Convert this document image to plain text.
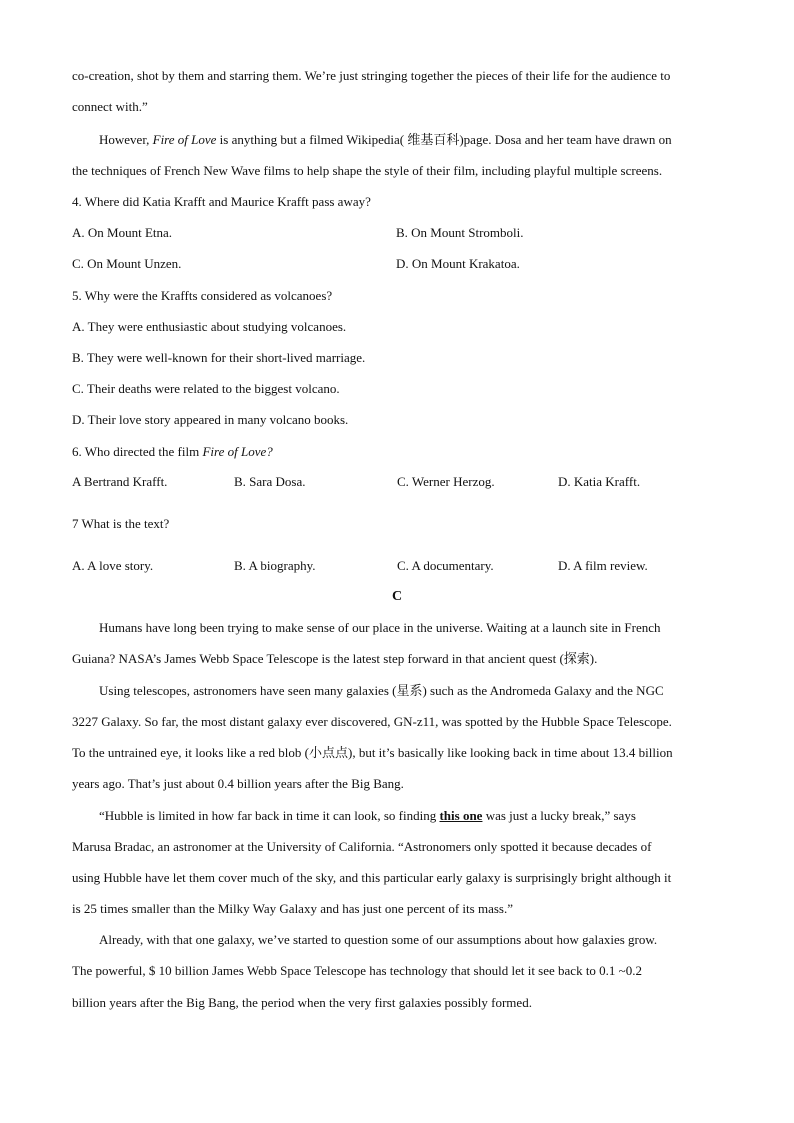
co-creation, shot by them and starring them. We’re just stringing together the pieces of their life for the audience to
connect with.”
However, Fire of Love is anything but a filmed Wikipedia( 维基百科)page. Dosa and her team have drawn on
the techniques of French New Wave films to help shape the style of their film, including playful multiple screens.
4. Where did Katia Krafft and Maurice Krafft pass away?
A. On Mount Etna.	B. On Mount Stromboli.
C. On Mount Unzen.	D. On Mount Krakatoa.
5. Why were the Kraffts considered as volcanoes?
A. They were enthusiastic about studying volcanoes.
B. They were well-known for their short-lived marriage.
C. Their deaths were related to the biggest volcano.
D. Their love story appeared in many volcano books.
6. Who directed the film Fire of Love?
A Bertrand Krafft.	B. Sara Dosa.	C. Werner Herzog.	D. Katia Krafft.
7 What is the text?
A. A love story.	B. A biography.	C. A documentary.	D. A film review.
C
Humans have long been trying to make sense of our place in the universe. Waiting at a launch site in French
Guiana? NASA’s James Webb Space Telescope is the latest step forward in that ancient quest (探索).
Using telescopes, astronomers have seen many galaxies (星系) such as the Andromeda Galaxy and the NGC
3227 Galaxy. So far, the most distant galaxy ever discovered, GN-z11, was spotted by the Hubble Space Telescope.
To the untrained eye, it looks like a red blob (小点点), but it’s basically like looking back in time about 13.4 billion
years ago. That’s just about 0.4 billion years after the Big Bang.
“Hubble is limited in how far back in time it can look, so finding this one was just a lucky break,” says
Marusa Bradac, an astronomer at the University of California. “Astronomers only spotted it because decades of
using Hubble have let them cover much of the sky, and this particular early galaxy is surprisingly bright although it
is 25 times smaller than the Milky Way Galaxy and has just one percent of its mass.”
Already, with that one galaxy, we’ve started to question some of our assumptions about how galaxies grow.
The powerful, $ 10 billion James Webb Space Telescope has technology that should let it see back to 0.1 ~0.2
billion years after the Big Bang, the period when the very first galaxies possibly formed.
